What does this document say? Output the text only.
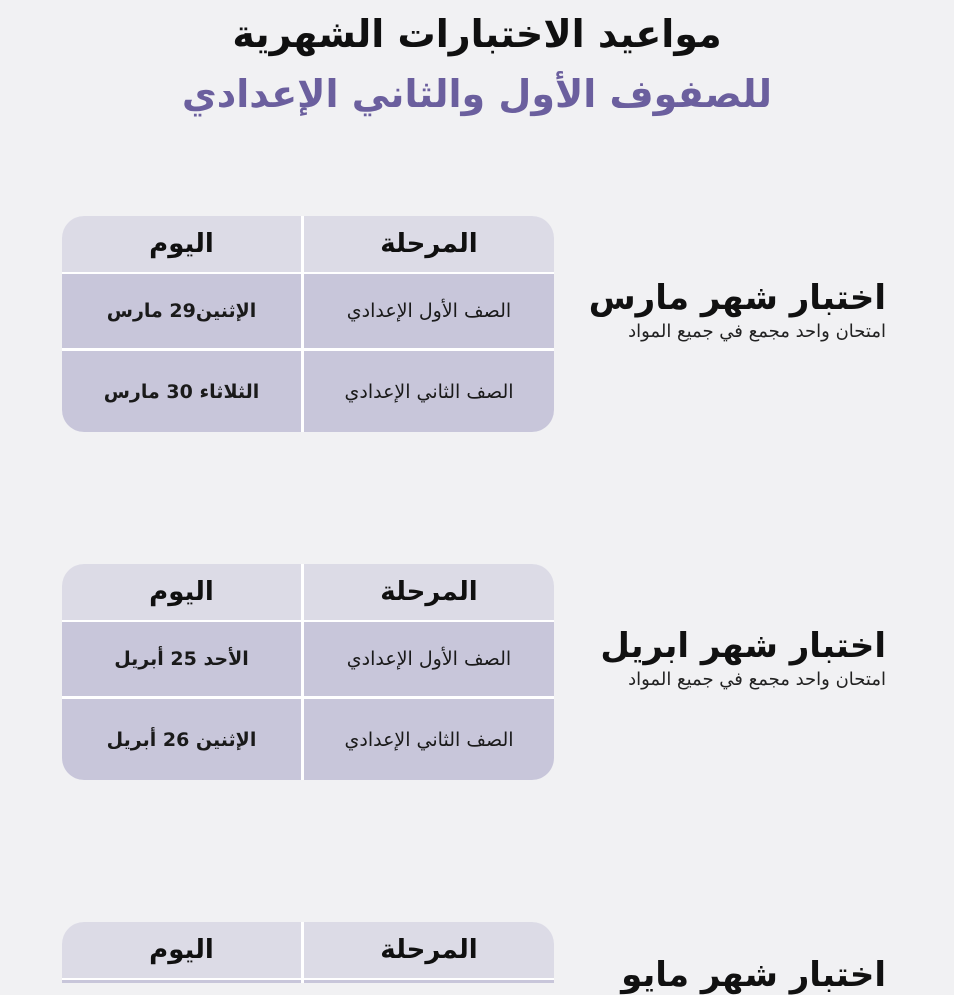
مواعيد الاختبارات الشهرية
للصفوف الأول والثاني الإعدادي
اختبار شهر مارس
امتحان واحد مجمع في جميع المواد
المرحلة
اليوم
الصف الأول الإعدادي
الإثنين29 مارس
الصف الثاني الإعدادي
الثلاثاء 30 مارس
اختبار شهر ابريل
امتحان واحد مجمع في جميع المواد
المرحلة
اليوم
الصف الأول الإعدادي
الأحد 25 أبريل
الصف الثاني الإعدادي
الإثنين 26 أبريل
اختبار شهر مايو
المرحلة
اليوم
